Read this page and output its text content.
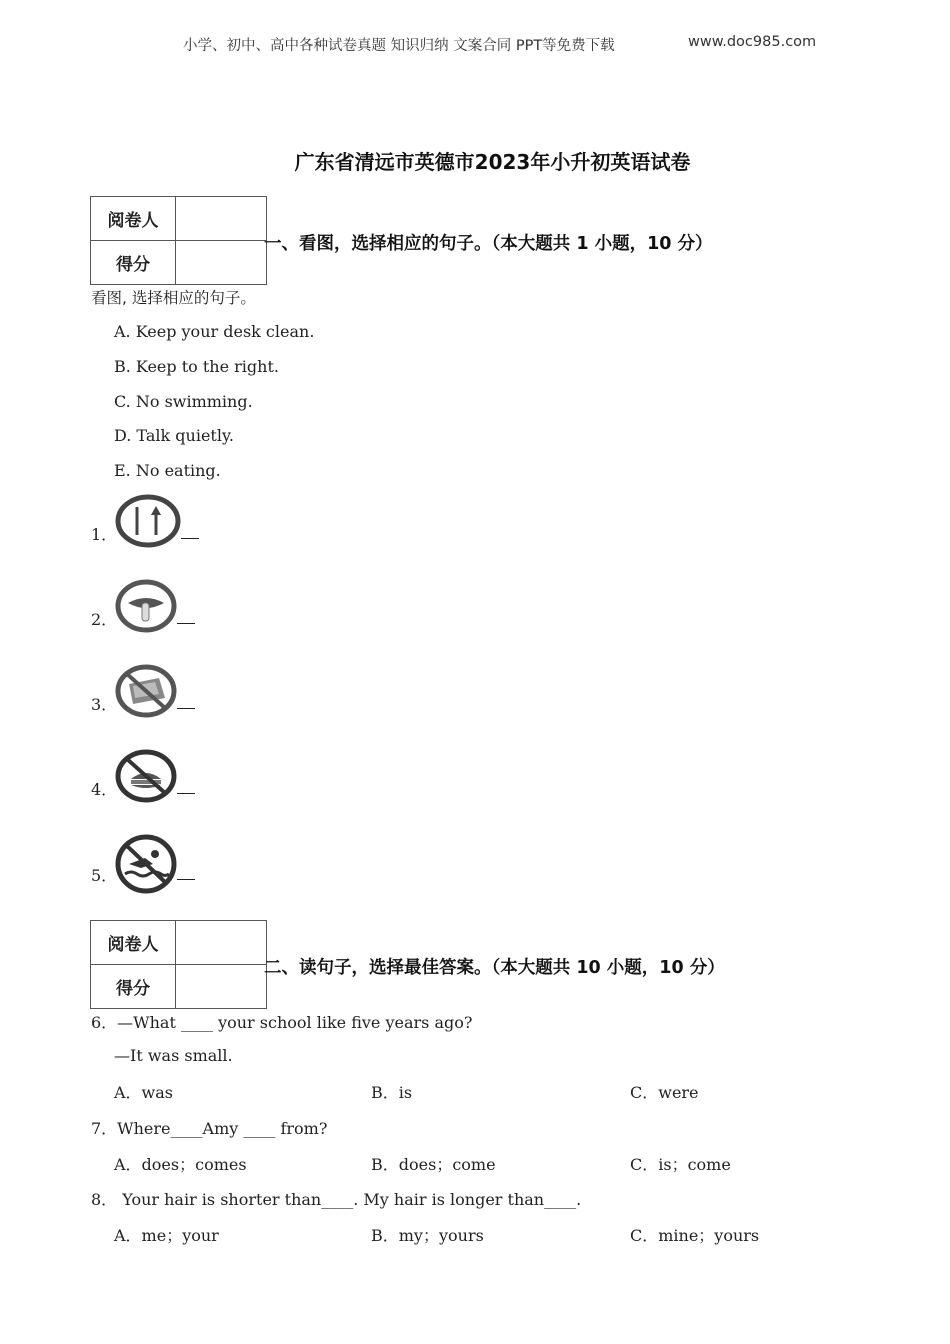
小学、初中、高中各种试卷真题 知识归纳 文案合同 PPT等免费下载	www.doc985.com
广东省清远市英德市2023年小升初英语试卷
阅卷人	
得分	
一、看图，选择相应的句子。（本大题共 1 小题，10 分）
看图, 选择相应的句子。
A. Keep your desk clean.
B. Keep to the right.
C. No swimming.
D. Talk quietly.
E. No eating.
1．
2．
3．
4．
5．
阅卷人	
得分	
二、读句子，选择最佳答案。（本大题共 10 小题，10 分）
6．—What ____ your school like five years ago?
—It was small.
A．was	B．is	C．were
7．Where____Amy ____ from?
A．does；comes	B．does；come	C．is；come
8． Your hair is shorter than____. My hair is longer than____.
A．me；your	B．my；yours	C．mine；yours
